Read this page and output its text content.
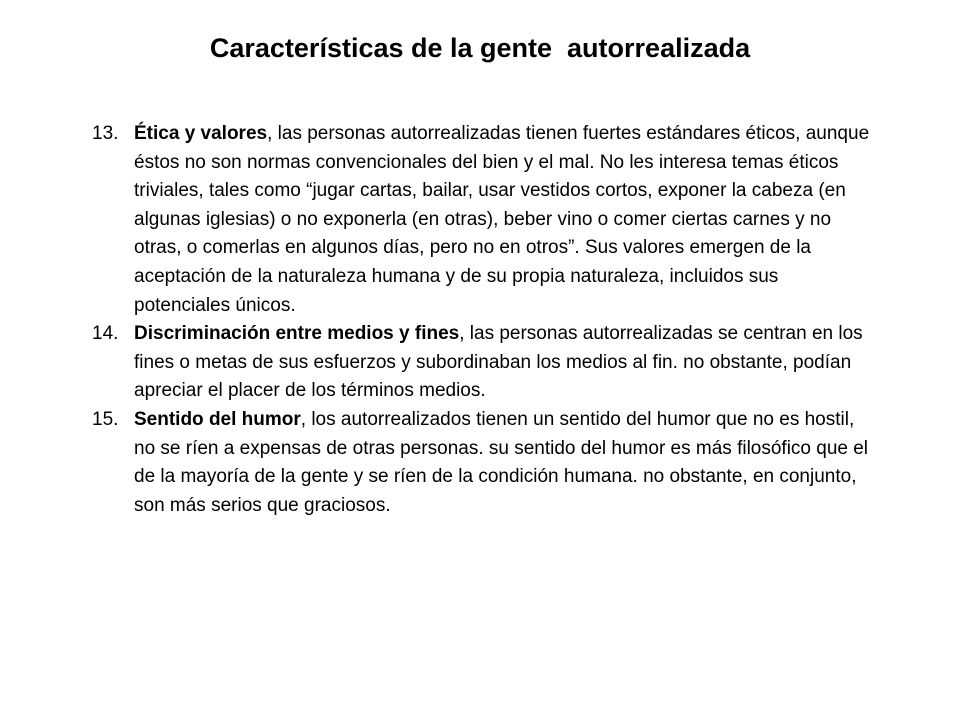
Características de la gente  autorrealizada
13. Ética y valores, las personas autorrealizadas tienen fuertes estándares éticos, aunque éstos no son normas convencionales del bien y el mal. No les interesa temas éticos triviales, tales como “jugar cartas, bailar, usar vestidos cortos, exponer la cabeza (en algunas iglesias) o no exponerla (en otras), beber vino o comer ciertas carnes y no otras, o comerlas en algunos días, pero no en otros”. Sus valores emergen de la aceptación de la naturaleza humana y de su propia naturaleza, incluidos sus potenciales únicos.
14. Discriminación entre medios y fines, las personas autorrealizadas se centran en los fines o metas de sus esfuerzos y subordinaban los medios al fin. no obstante, podían apreciar el placer de los términos medios.
15. Sentido del humor, los autorrealizados tienen un sentido del humor que no es hostil, no se ríen a expensas de otras personas. su sentido del humor es más filosófico que el de la mayoría de la gente y se ríen de la condición humana. no obstante, en conjunto, son más serios que graciosos.
